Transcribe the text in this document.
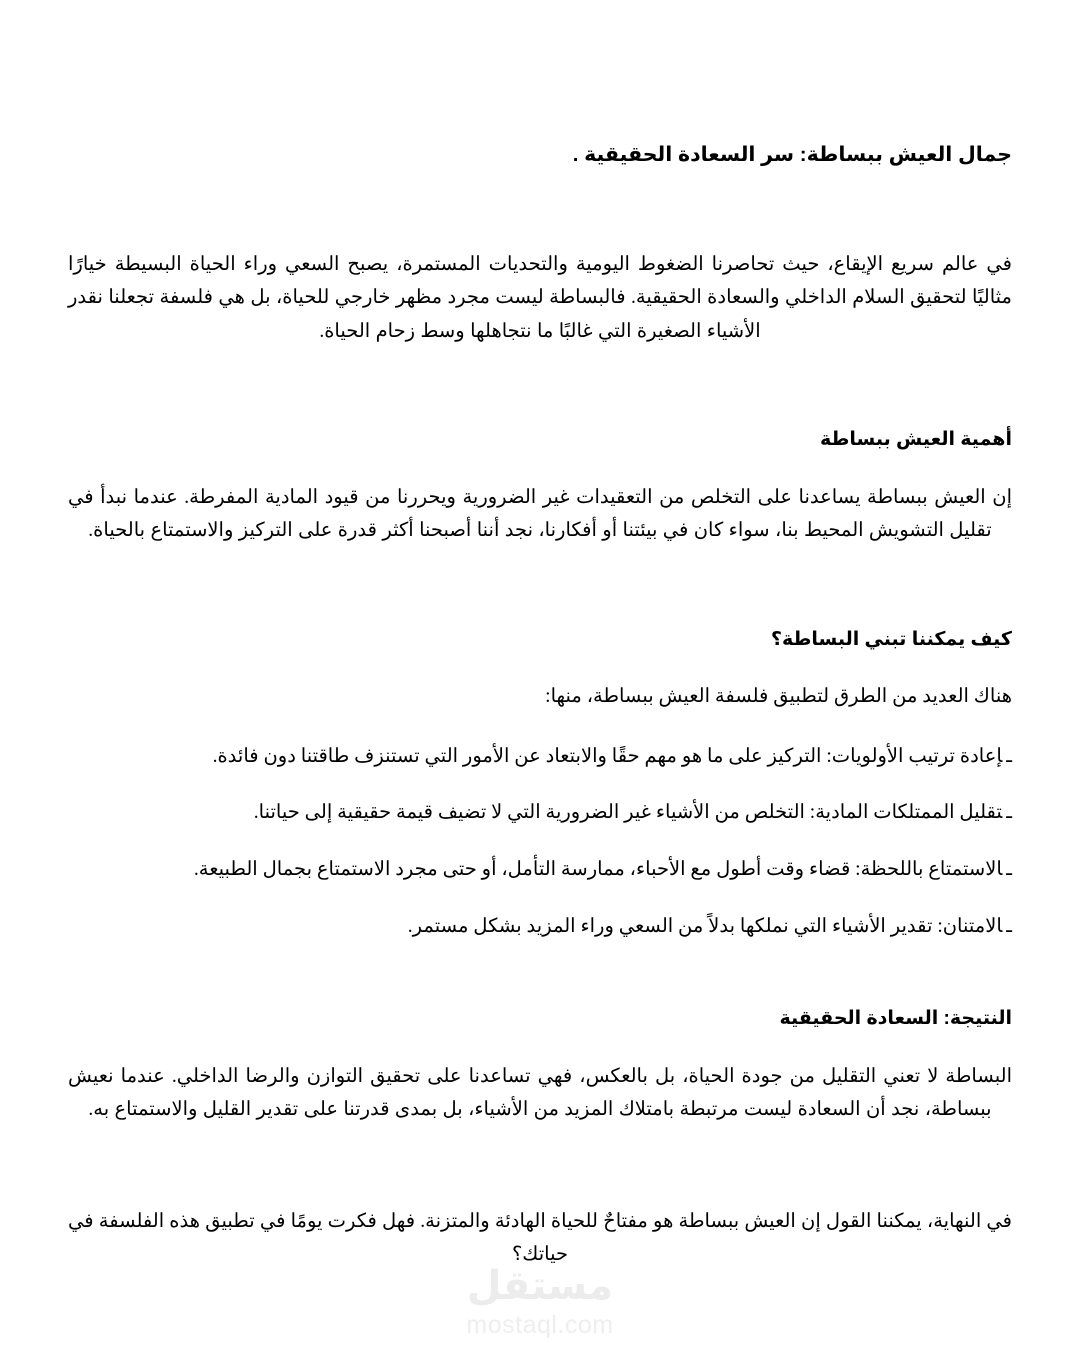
جمال العيش ببساطة: سر السعادة الحقيقية .

في عالم سريع الإيقاع، حيث تحاصرنا الضغوط اليومية والتحديات المستمرة، يصبح السعي وراء الحياة البسيطة خيارًا مثاليًا لتحقيق السلام الداخلي والسعادة الحقيقية. فالبساطة ليست مجرد مظهر خارجي للحياة، بل هي فلسفة تجعلنا نقدر الأشياء الصغيرة التي غالبًا ما نتجاهلها وسط زحام الحياة.

أهمية العيش ببساطة

إن العيش ببساطة يساعدنا على التخلص من التعقيدات غير الضرورية ويحررنا من قيود المادية المفرطة. عندما نبدأ في تقليل التشويش المحيط بنا، سواء كان في بيئتنا أو أفكارنا، نجد أننا أصبحنا أكثر قدرة على التركيز والاستمتاع بالحياة.

كيف يمكننا تبني البساطة؟

هناك العديد من الطرق لتطبيق فلسفة العيش ببساطة، منها:

ـإعادة ترتيب الأولويات: التركيز على ما هو مهم حقًا والابتعاد عن الأمور التي تستنزف طاقتنا دون فائدة.
ـتقليل الممتلكات المادية: التخلص من الأشياء غير الضرورية التي لا تضيف قيمة حقيقية إلى حياتنا.
ـالاستمتاع باللحظة: قضاء وقت أطول مع الأحباء، ممارسة التأمل، أو حتى مجرد الاستمتاع بجمال الطبيعة.
ـالامتنان: تقدير الأشياء التي نملكها بدلاً من السعي وراء المزيد بشكل مستمر.
النتيجة: السعادة الحقيقية

البساطة لا تعني التقليل من جودة الحياة، بل بالعكس، فهي تساعدنا على تحقيق التوازن والرضا الداخلي. عندما نعيش ببساطة، نجد أن السعادة ليست مرتبطة بامتلاك المزيد من الأشياء، بل بمدى قدرتنا على تقدير القليل والاستمتاع به.

في النهاية، يمكننا القول إن العيش ببساطة هو مفتاحٌ للحياة الهادئة والمتزنة. فهل فكرت يومًا في تطبيق هذه الفلسفة في حياتك؟

مستقل
mostaql.com
